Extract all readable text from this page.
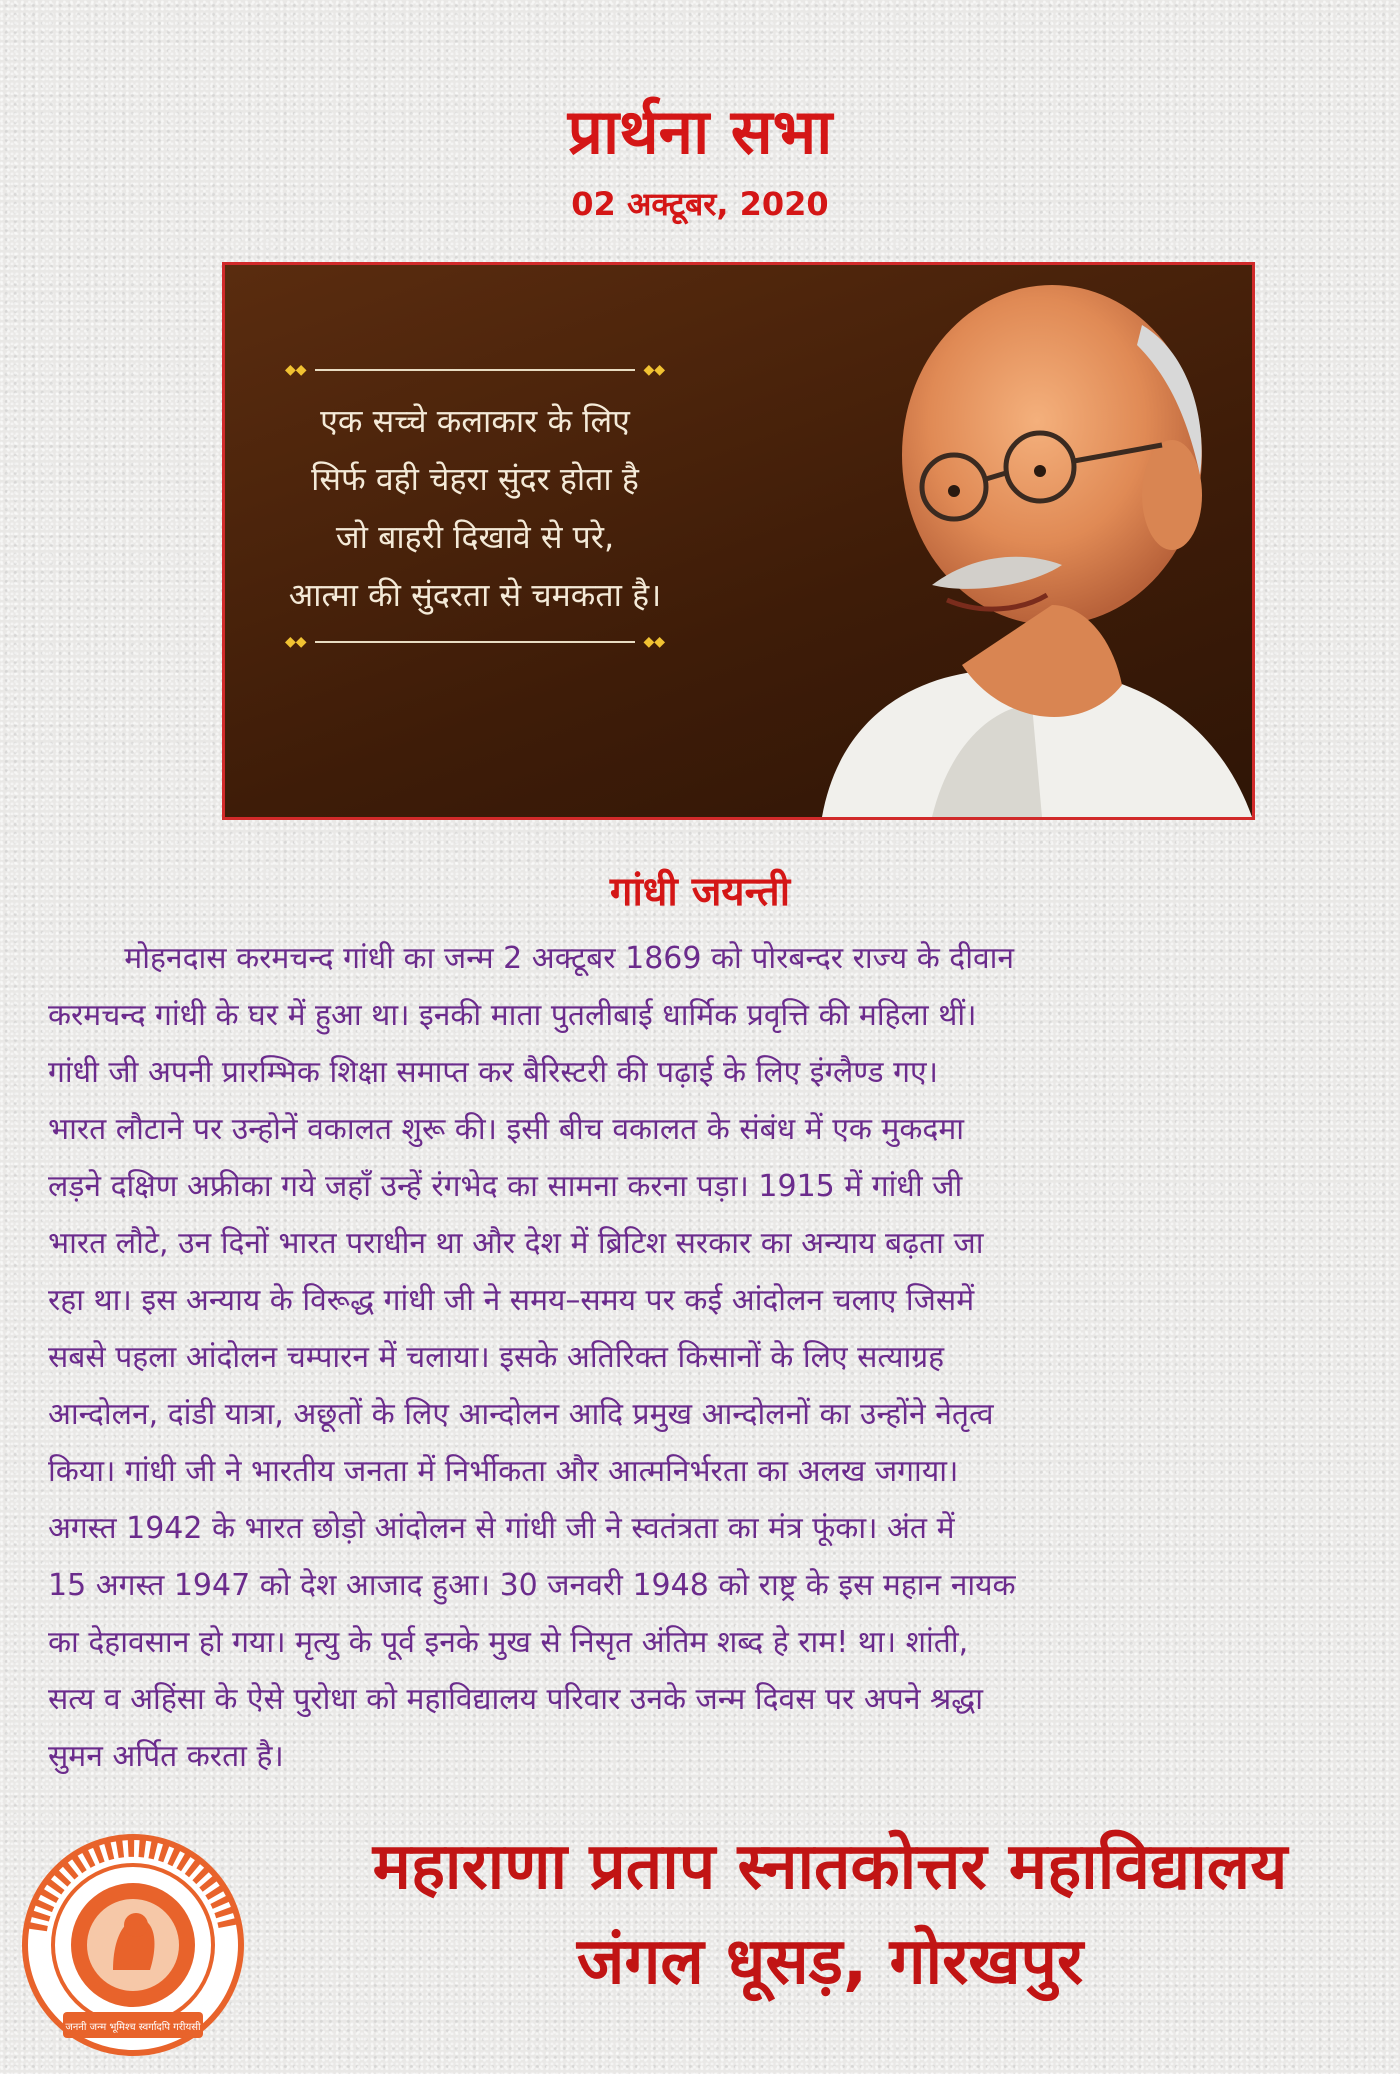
प्रार्थना सभा
02 अक्टूबर, 2020
◆◆	◆◆
एक सच्चे कलाकार के लिए
सिर्फ वही चेहरा सुंदर होता है
जो बाहरी दिखावे से परे,
आत्मा की सुंदरता से चमकता है।
◆◆	◆◆
गांधी जयन्ती
मोहनदास करमचन्द गांधी का जन्म 2 अक्टूबर 1869 को पोरबन्दर राज्य के दीवान
करमचन्द गांधी के घर में हुआ था। इनकी माता पुतलीबाई धार्मिक प्रवृत्ति की महिला थीं।
गांधी जी अपनी प्रारम्भिक शिक्षा समाप्त कर बैरिस्टरी की पढ़ाई के लिए इंग्लैण्ड गए।
भारत लौटाने पर उन्होनें वकालत शुरू की। इसी बीच वकालत के संबंध में एक मुकदमा
लड़ने दक्षिण अफ्रीका गये जहाँ उन्हें रंगभेद का सामना करना पड़ा। 1915 में गांधी जी
भारत लौटे, उन दिनों भारत पराधीन था और देश में ब्रिटिश सरकार का अन्याय बढ़ता जा
रहा था। इस अन्याय के विरूद्ध गांधी जी ने समय–समय पर कई आंदोलन चलाए जिसमें
सबसे पहला आंदोलन चम्पारन में चलाया। इसके अतिरिक्त किसानों के लिए सत्याग्रह
आन्दोलन, दांडी यात्रा, अछूतों के लिए आन्दोलन आदि प्रमुख आन्दोलनों का उन्होंने नेतृत्व
किया। गांधी जी ने भारतीय जनता में निर्भीकता और आत्मनिर्भरता का अलख जगाया।
अगस्त 1942 के भारत छोड़ो आंदोलन से गांधी जी ने स्वतंत्रता का मंत्र फूंका। अंत में
15 अगस्त 1947 को देश आजाद हुआ। 30 जनवरी 1948 को राष्ट्र के इस महान नायक
का देहावसान हो गया। मृत्यु के पूर्व इनके मुख से निसृत अंतिम शब्द हे राम! था। शांती,
सत्य व अहिंसा के ऐसे पुरोधा को महाविद्यालय परिवार उनके जन्म दिवस पर अपने श्रद्धा
सुमन अर्पित करता है।
जननी जन्म भूमिश्च स्वर्गादपि गरीयसी
महाराणा प्रताप स्नातकोत्तर महाविद्यालय
जंगल धूसड़, गोरखपुर
